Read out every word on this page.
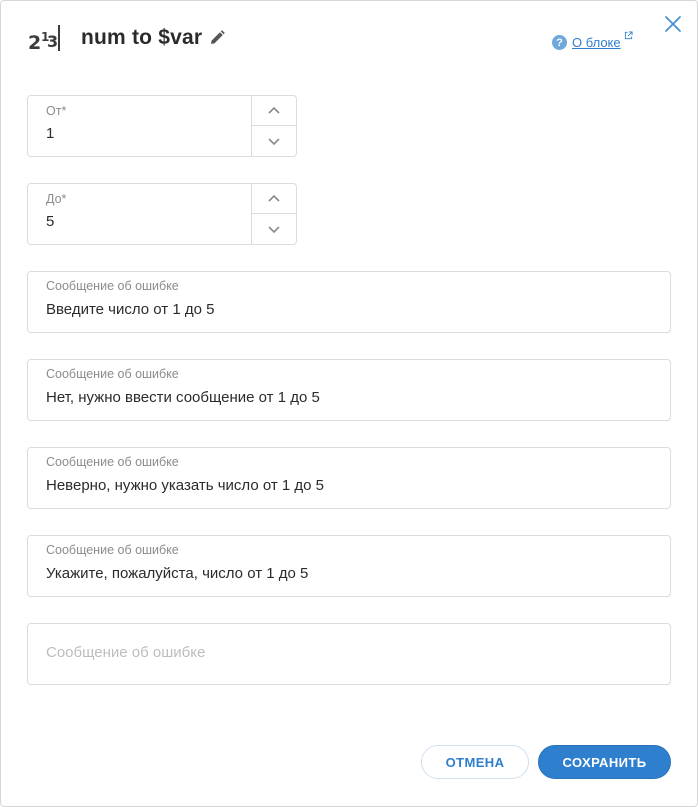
2 1
3 num to $var	? О блоке
От*
1
До*
5
Сообщение об ошибке
Введите число от 1 до 5
Сообщение об ошибке
Нет, нужно ввести сообщение от 1 до 5
Сообщение об ошибке
Неверно, нужно указать число от 1 до 5
Сообщение об ошибке
Укажите, пожалуйста, число от 1 до 5
Сообщение об ошибке
ОТМЕНА	СОХРАНИТЬ
